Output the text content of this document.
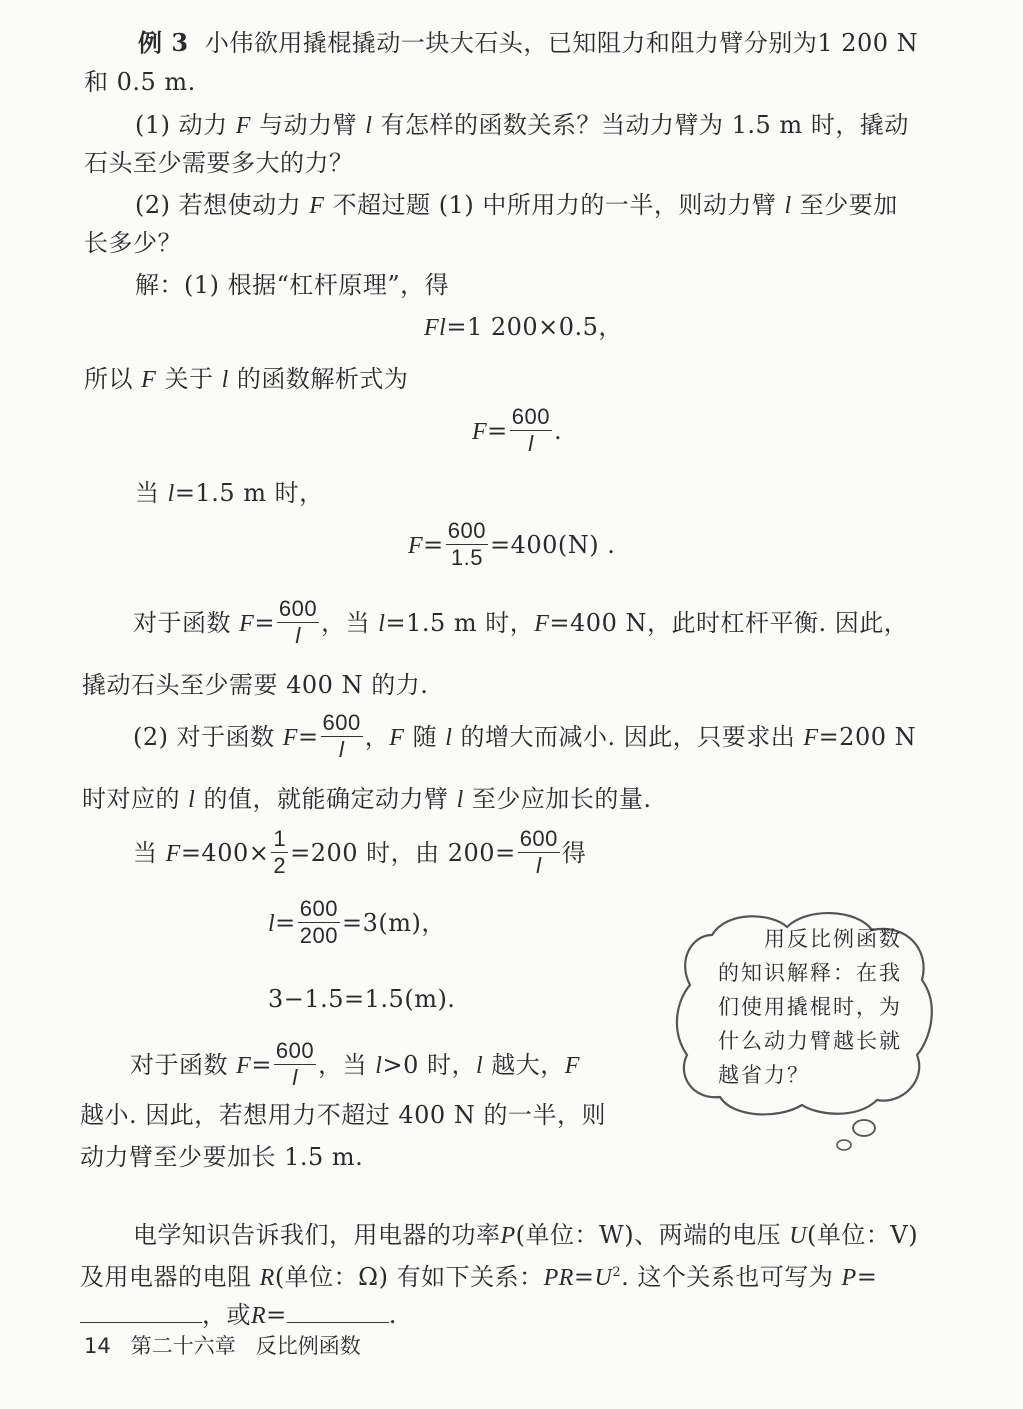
例 3 小伟欲用撬棍撬动一块大石头，已知阻力和阻力臂分别为1 200 N
和 0.5 m.
(1) 动力 F 与动力臂 l 有怎样的函数关系？当动力臂为 1.5 m 时，撬动
石头至少需要多大的力？
(2) 若想使动力 F 不超过题 (1) 中所用力的一半，则动力臂 l 至少要加
长多少？
解：(1) 根据“杠杆原理”，得
Fl=1 200×0.5，
所以 F 关于 l 的函数解析式为
$F= \frac{600}{l}$ .
当 l=1.5 m 时，
$F= \frac{600}{1.5} =400(N)$ .
对于函数 $F= \frac{600}{l}$ ，当 l=1.5 m 时，F=400 N，此时杠杆平衡. 因此，
撬动石头至少需要 400 N 的力.
(2) 对于函数 $F= \frac{600}{l}$ ，F 随 l 的增大而减小. 因此，只要求出 F=200 N
时对应的 l 的值，就能确定动力臂 l 至少应加长的量.
当 $F=400\times \frac{1}{2} =200$ 时，由 $200= \frac{600}{l}$ 得
$l= \frac{600}{200} =3(m)$，
3−1.5=1.5(m).
对于函数 $F= \frac{600}{l}$ ，当 l>0 时，l 越大，F
越小. 因此，若想用力不超过 400 N 的一半，则
动力臂至少要加长 1.5 m.
　　用反比例函数
的知识解释：在我
们使用撬棍时，为
什么动力臂越长就
越省力？
电学知识告诉我们，用电器的功率P(单位：W)、两端的电压 U(单位：V)
及用电器的电阻 R(单位：Ω) 有如下关系：$PR=U^2$. 这个关系也可写为 P=
，或R=	.
14 第二十六章 反比例函数
